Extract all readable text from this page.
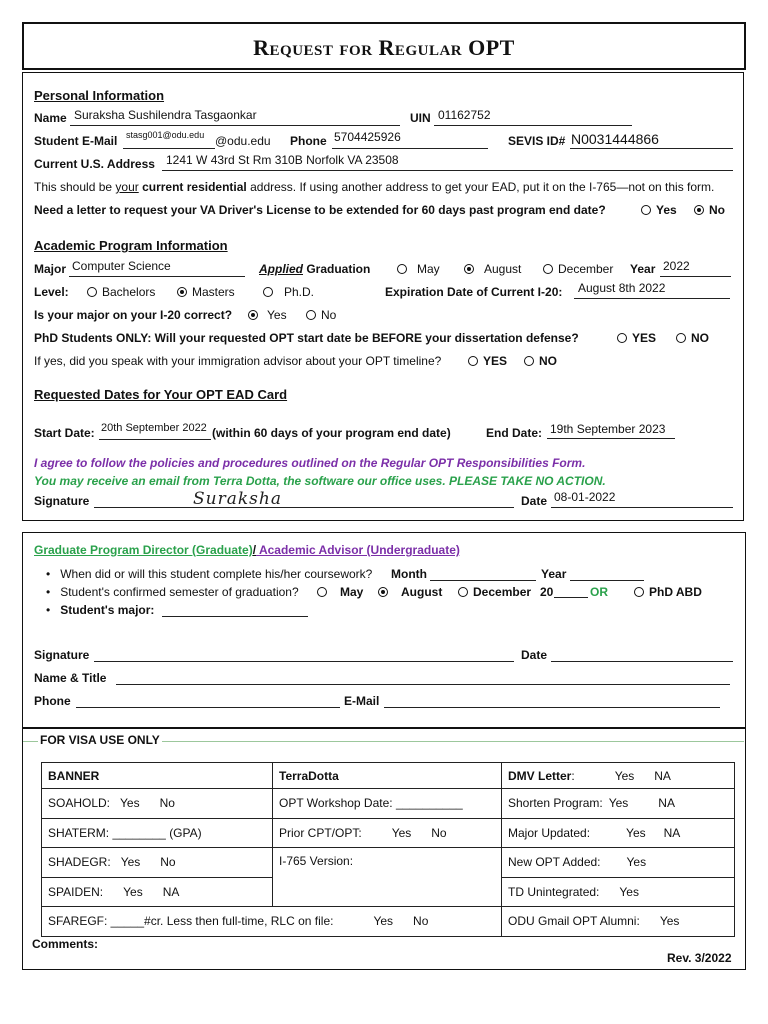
Request for Regular OPT
Personal Information
Name Suraksha Sushilendra Tasgaonkar	UIN 01162752
Student E-Mail stasg001@odu.edu @odu.edu Phone 5704425926	SEVIS ID# N0031444866
Current U.S. Address 1241 W 43rd St Rm 310B Norfolk VA 23508
This should be your current residential address. If using another address to get your EAD, put it on the I-765—not on this form.
Need a letter to request your VA Driver's License to be extended for 60 days past program end date?	Yes	No
Academic Program Information
Major Computer Science	Applied Graduation	May	August	December Year 2022
Level:	Bachelors	Masters	Ph.D.	Expiration Date of Current I-20: August 8th 2022
Is your major on your I-20 correct?	Yes	No
PhD Students ONLY: Will your requested OPT start date be BEFORE your dissertation defense?	YES	NO
If yes, did you speak with your immigration advisor about your OPT timeline?	YES	NO
Requested Dates for Your OPT EAD Card
Start Date: 20th September 2022 (within 60 days of your program end date)	End Date: 19th September 2023
I agree to follow the policies and procedures outlined on the Regular OPT Responsibilities Form.
You may receive an email from Terra Dotta, the software our office uses. PLEASE TAKE NO ACTION.
Signature	Suraksha	Date 08-01-2022
Graduate Program Director (Graduate)/ Academic Advisor (Undergraduate)
•   When did or will this student complete his/her coursework? Month	Year
•   Student's confirmed semester of graduation?	May	August	December 20	OR	PhD ABD
• Student's major:
Signature	Date
Name & Title
Phone	E-Mail
FOR VISA USE ONLY
BANNER	TerraDotta	DMV Letter: Yes NA
SOAHOLD: Yes No	OPT Workshop Date: __________	Shorten Program: Yes NA
SHATERM: ________ (GPA)	Prior CPT/OPT: Yes No	Major Updated: Yes NA
SHADEGR: Yes No	I-765 Version:	New OPT Added: Yes
SPAIDEN: Yes NA		TD Unintegrated: Yes
SFAREGF: _____#cr. Less then full-time, RLC on file: Yes No		ODU Gmail OPT Alumni: Yes
Comments:
Rev. 3/2022
